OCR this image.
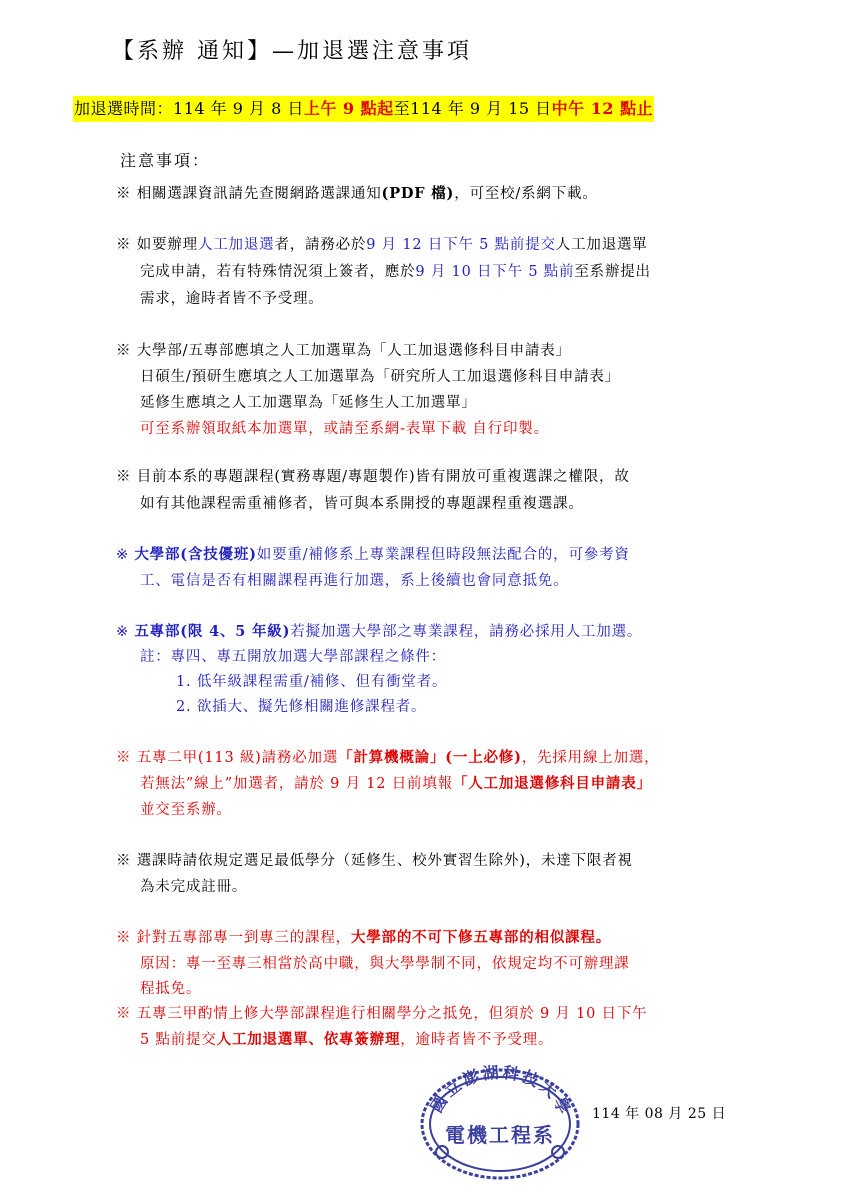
【系辦 通知】—加退選注意事項
加退選時間：114 年 9 月 8 日上午 9 點起至114 年 9 月 15 日中午 12 點止
注意事項：
※ 相關選課資訊請先查閱網路選課通知(PDF 檔)，可至校/系網下載。
※ 如要辦理人工加退選者，請務必於9 月 12 日下午 5 點前提交人工加退選單
完成申請，若有特殊情況須上簽者，應於9 月 10 日下午 5 點前至系辦提出
需求，逾時者皆不予受理。
※ 大學部/五專部應填之人工加選單為「人工加退選修科目申請表」
日碩生/預研生應填之人工加選單為「研究所人工加退選修科目申請表」
延修生應填之人工加選單為「延修生人工加選單」
可至系辦領取紙本加選單，或請至系網-表單下載 自行印製。
※ 目前本系的專題課程(實務專題/專題製作)皆有開放可重複選課之權限，故
如有其他課程需重補修者，皆可與本系開授的專題課程重複選課。
※ 大學部(含技優班)如要重/補修系上專業課程但時段無法配合的，可參考資
工、電信是否有相關課程再進行加選，系上後續也會同意抵免。
※ 五專部(限 4、5 年級)若擬加選大學部之專業課程，請務必採用人工加選。
註：專四、專五開放加選大學部課程之條件：
1. 低年級課程需重/補修、但有衝堂者。
2. 欲插大、擬先修相關進修課程者。
※ 五專二甲(113 級)請務必加選「計算機概論」(一上必修)，先採用線上加選，
若無法”線上”加選者，請於 9 月 12 日前填報「人工加退選修科目申請表」
並交至系辦。
※ 選課時請依規定選足最低學分（延修生、校外實習生除外)，未達下限者視
為未完成註冊。
※ 針對五專部專一到專三的課程，大學部的不可下修五專部的相似課程。
原因：專一至專三相當於高中職，與大學學制不同，依規定均不可辦理課
程抵免。
※ 五專三甲酌情上修大學部課程進行相關學分之抵免，但須於 9 月 10 日下午
5 點前提交人工加退選單、依專簽辦理，逾時者皆不予受理。
國立澎湖科技大學
電機工程系
114 年 08 月 25 日
